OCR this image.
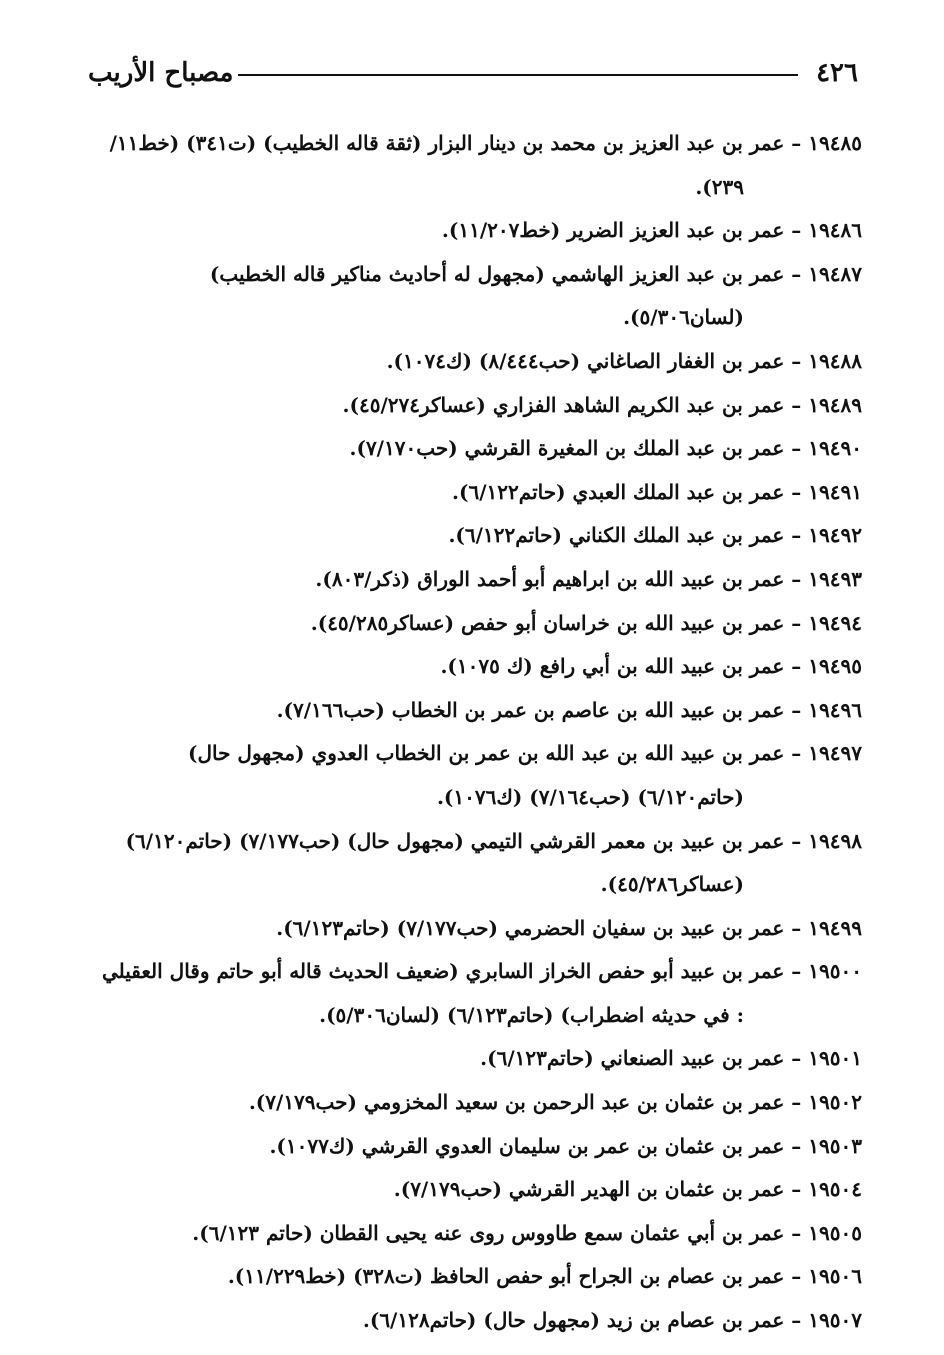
٤٢٦
مصباح الأريب
١٩٤٨٥ – عمر بن عبد العزيز بن محمد بن دينار البزار (ثقة قاله الخطيب) (ت٣٤١) (خط١١/ ٢٣٩).
١٩٤٨٦ – عمر بن عبد العزيز الضرير (خط١١/٢٠٧).
١٩٤٨٧ – عمر بن عبد العزيز الهاشمي (مجهول له أحاديث مناكير قاله الخطيب) (لسان٥/٣٠٦).
١٩٤٨٨ – عمر بن الغفار الصاغاني (حب٨/٤٤٤) (ك١٠٧٤).
١٩٤٨٩ – عمر بن عبد الكريم الشاهد الفزاري (عساكر٤٥/٢٧٤).
١٩٤٩٠ – عمر بن عبد الملك بن المغيرة القرشي (حب٧/١٧٠).
١٩٤٩١ – عمر بن عبد الملك العبدي (حاتم٦/١٢٢).
١٩٤٩٢ – عمر بن عبد الملك الكناني (حاتم٦/١٢٢).
١٩٤٩٣ – عمر بن عبيد الله بن ابراهيم أبو أحمد الوراق (ذكر/٨٠٣).
١٩٤٩٤ – عمر بن عبيد الله بن خراسان أبو حفص (عساكر٤٥/٢٨٥).
١٩٤٩٥ – عمر بن عبيد الله بن أبي رافع (ك ١٠٧٥).
١٩٤٩٦ – عمر بن عبيد الله بن عاصم بن عمر بن الخطاب (حب٧/١٦٦).
١٩٤٩٧ – عمر بن عبيد الله بن عبد الله بن عمر بن الخطاب العدوي (مجهول حال) (حاتم٦/١٢٠) (حب٧/١٦٤) (ك١٠٧٦).
١٩٤٩٨ – عمر بن عبيد بن معمر القرشي التيمي (مجهول حال) (حب٧/١٧٧) (حاتم٦/١٢٠) (عساكر٤٥/٢٨٦).
١٩٤٩٩ – عمر بن عبيد بن سفيان الحضرمي (حب٧/١٧٧) (حاتم٦/١٢٣).
١٩٥٠٠ – عمر بن عبيد أبو حفص الخراز السابري (ضعيف الحديث قاله أبو حاتم وقال العقيلي : في حديثه اضطراب) (حاتم٦/١٢٣) (لسان٥/٣٠٦).
١٩٥٠١ – عمر بن عبيد الصنعاني (حاتم٦/١٢٣).
١٩٥٠٢ – عمر بن عثمان بن عبد الرحمن بن سعيد المخزومي (حب٧/١٧٩).
١٩٥٠٣ – عمر بن عثمان بن عمر بن سليمان العدوي القرشي (ك١٠٧٧).
١٩٥٠٤ – عمر بن عثمان بن الهدير القرشي (حب٧/١٧٩).
١٩٥٠٥ – عمر بن أبي عثمان سمع طاووس روى عنه يحيى القطان (حاتم ٦/١٢٣).
١٩٥٠٦ – عمر بن عصام بن الجراح أبو حفص الحافظ (ت٣٢٨) (خط١١/٢٢٩).
١٩٥٠٧ – عمر بن عصام بن زيد (مجهول حال) (حاتم٦/١٢٨).
